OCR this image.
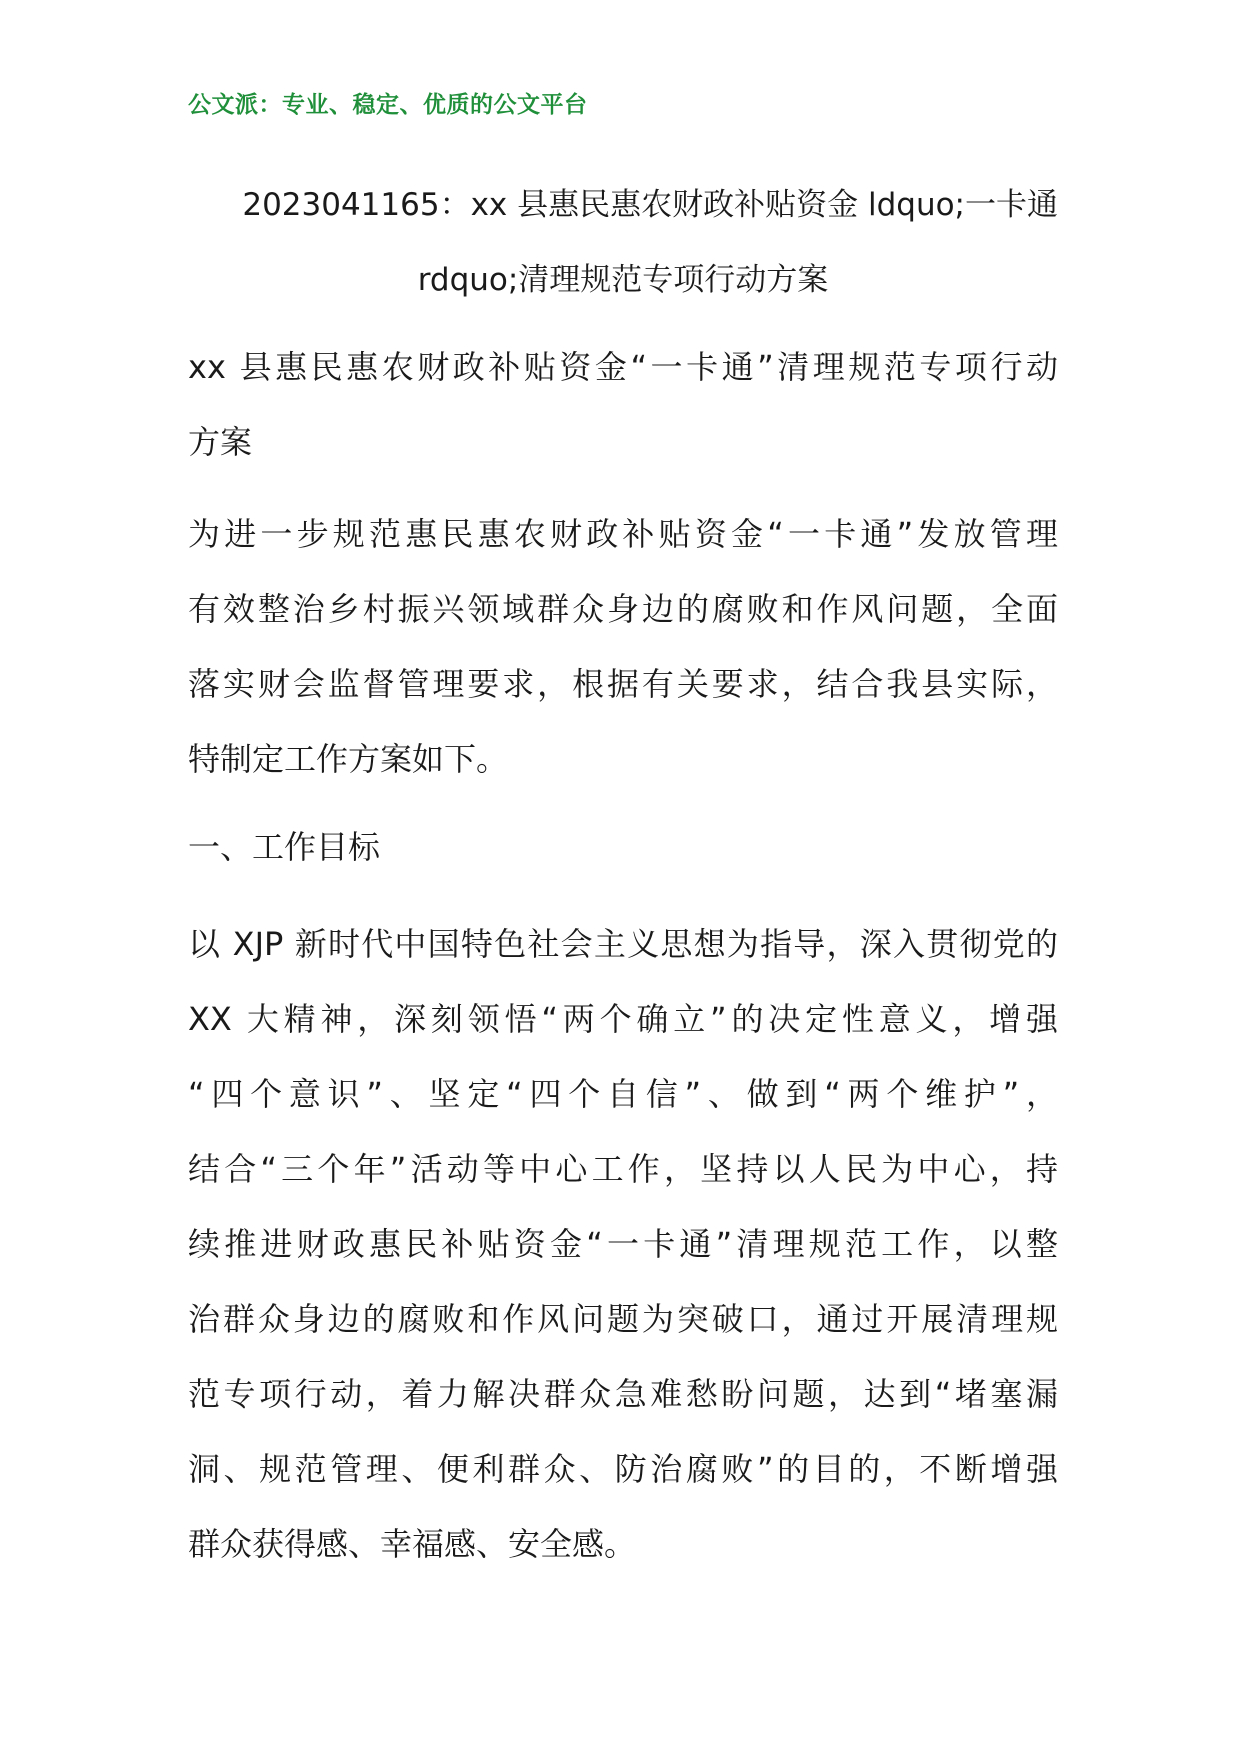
公文派：专业、稳定、优质的公文平台
2023041165：xx 县惠民惠农财政补贴资金 ldquo;一卡通
rdquo;清理规范专项行动方案
xx 县惠民惠农财政补贴资金“一卡通”清理规范专项行动
方案
为进一步规范惠民惠农财政补贴资金“一卡通”发放管理
有效整治乡村振兴领域群众身边的腐败和作风问题，全面
落实财会监督管理要求，根据有关要求，结合我县实际，
特制定工作方案如下。
一、工作目标
以 XJP 新时代中国特色社会主义思想为指导，深入贯彻党的
XX 大精神，深刻领悟“两个确立”的决定性意义，增强
“四个意识”、坚定“四个自信”、做到“两个维护”，
结合“三个年”活动等中心工作，坚持以人民为中心，持
续推进财政惠民补贴资金“一卡通”清理规范工作，以整
治群众身边的腐败和作风问题为突破口，通过开展清理规
范专项行动，着力解决群众急难愁盼问题，达到“堵塞漏
洞、规范管理、便利群众、防治腐败”的目的，不断增强
群众获得感、幸福感、安全感。
